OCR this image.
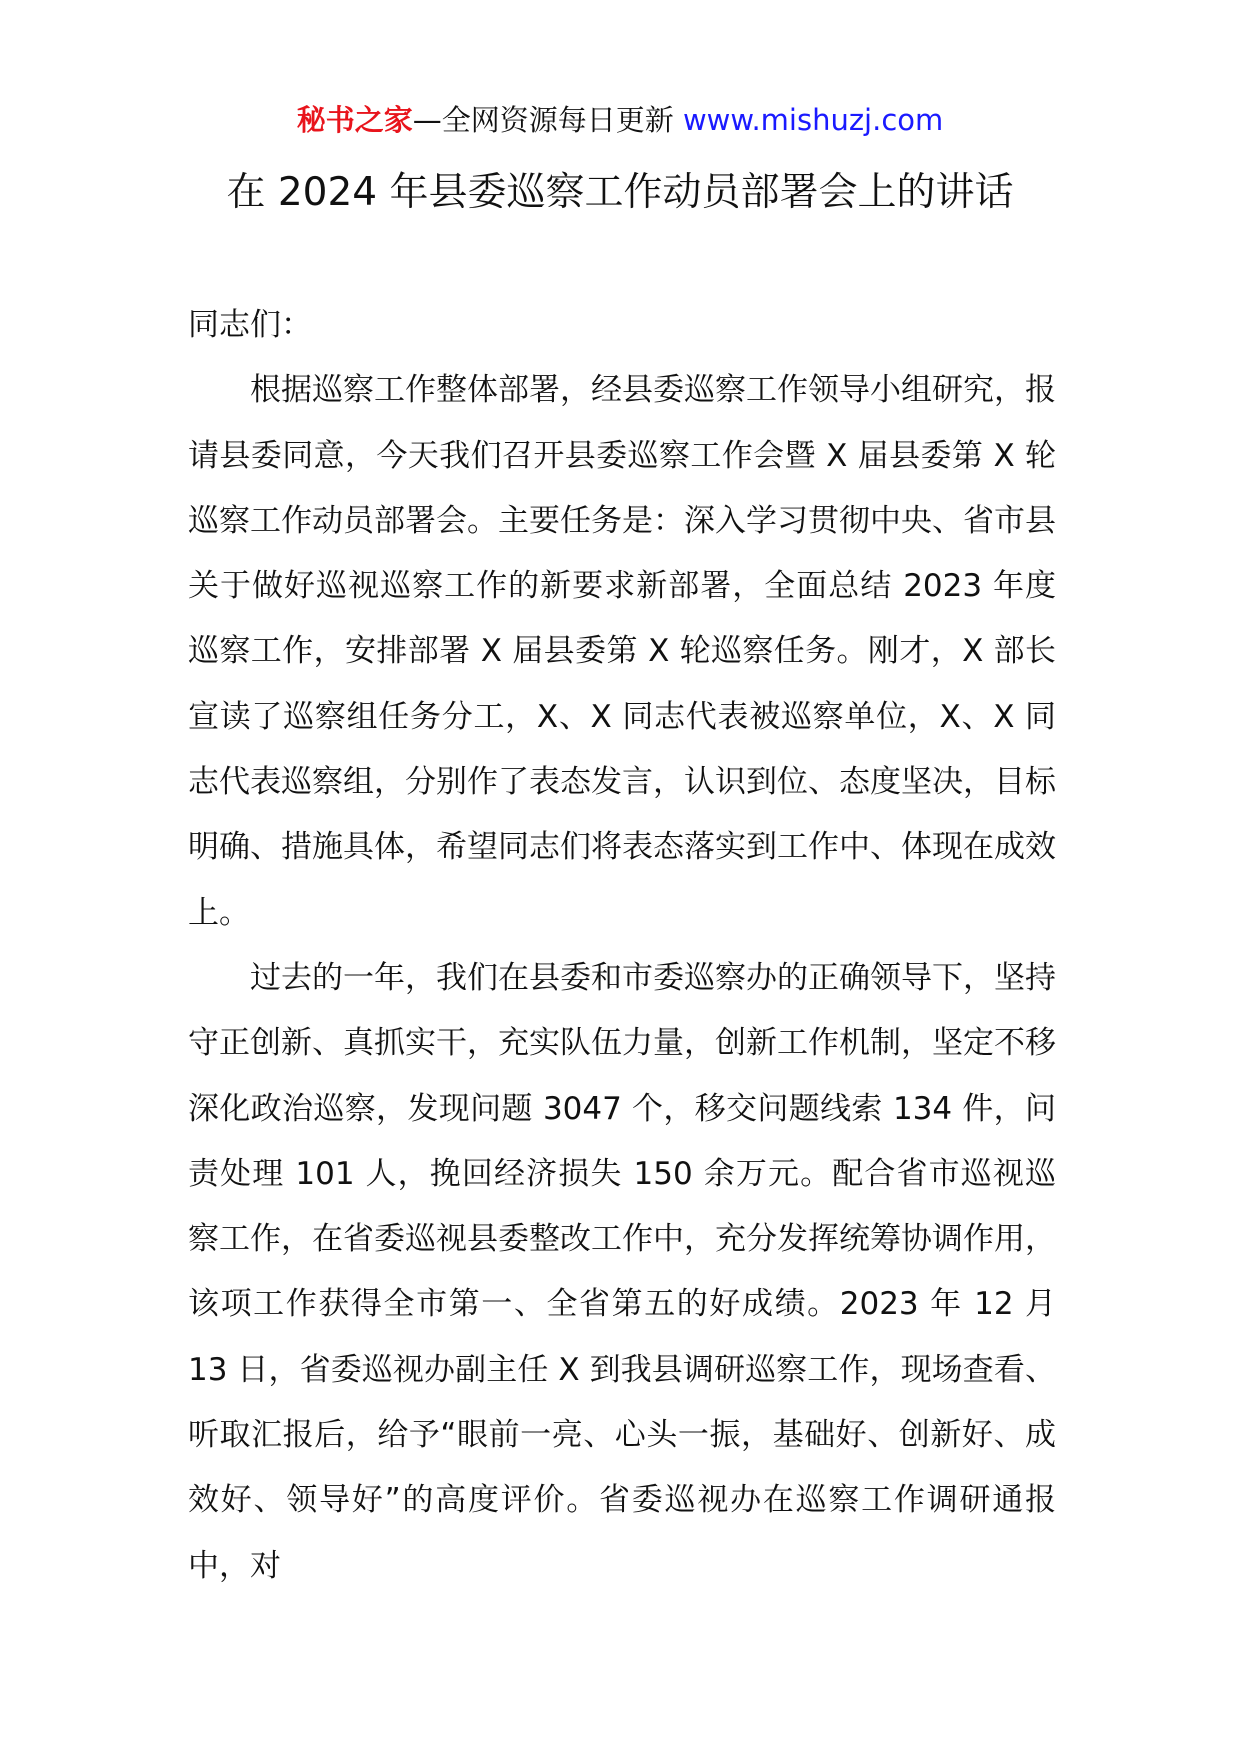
秘书之家—全网资源每日更新 www.mishuzj.com
在 2024 年县委巡察工作动员部署会上的讲话

同志们：

根据巡察工作整体部署，经县委巡察工作领导小组研究，报请县委同意，今天我们召开县委巡察工作会暨 X 届县委第 X 轮巡察工作动员部署会。主要任务是：深入学习贯彻中央、省市县关于做好巡视巡察工作的新要求新部署，全面总结 2023 年度巡察工作，安排部署 X 届县委第 X 轮巡察任务。刚才，X 部长宣读了巡察组任务分工，X、X 同志代表被巡察单位，X、X 同志代表巡察组，分别作了表态发言，认识到位、态度坚决，目标明确、措施具体，希望同志们将表态落实到工作中、体现在成效上。

过去的一年，我们在县委和市委巡察办的正确领导下，坚持守正创新、真抓实干，充实队伍力量，创新工作机制，坚定不移深化政治巡察，发现问题 3047 个，移交问题线索 134 件，问责处理 101 人，挽回经济损失 150 余万元。配合省市巡视巡察工作，在省委巡视县委整改工作中，充分发挥统筹协调作用，该项工作获得全市第一、全省第五的好成绩。2023 年 12 月 13 日，省委巡视办副主任 X 到我县调研巡察工作，现场查看、听取汇报后，给予“眼前一亮、心头一振，基础好、创新好、成效好、领导好”的高度评价。省委巡视办在巡察工作调研通报中，对
